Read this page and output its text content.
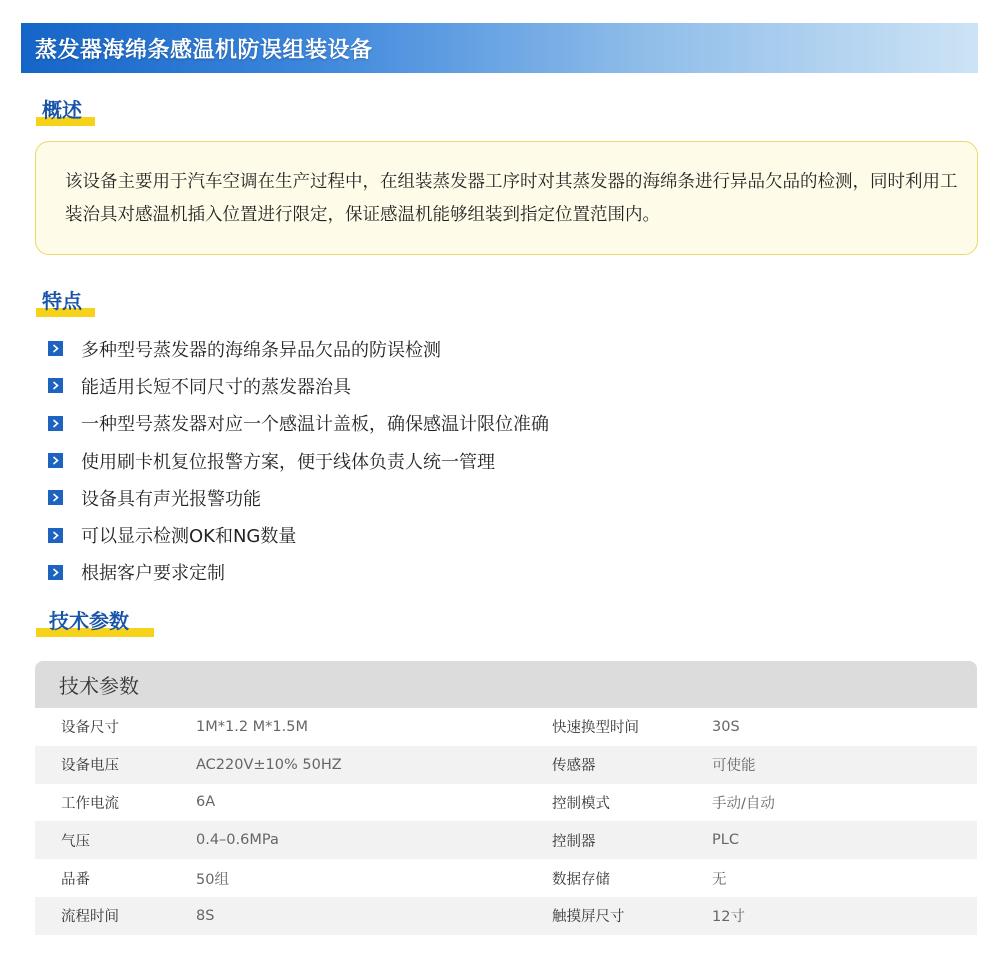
蒸发器海绵条感温机防误组装设备
概述

该设备主要用于汽车空调在生产过程中，在组装蒸发器工序时对其蒸发器的海绵条进行异品欠品的检测，同时利用工装治具对感温机插入位置进行限定，保证感温机能够组装到指定位置范围内。

特点
多种型号蒸发器的海绵条异品欠品的防误检测
能适用长短不同尺寸的蒸发器治具
一种型号蒸发器对应一个感温计盖板，确保感温计限位准确
使用刷卡机复位报警方案，便于线体负责人统一管理
设备具有声光报警功能
可以显示检测OK和NG数量
根据客户要求定制
技术参数
技术参数
设备尺寸	1M*1.2 M*1.5M	快速换型时间	30S
设备电压	AC220V±10% 50HZ	传感器	可使能
工作电流	6A	控制模式	手动/自动
气压	0.4–0.6MPa	控制器	PLC
品番	50组	数据存储	无
流程时间	8S	触摸屏尺寸	12寸
